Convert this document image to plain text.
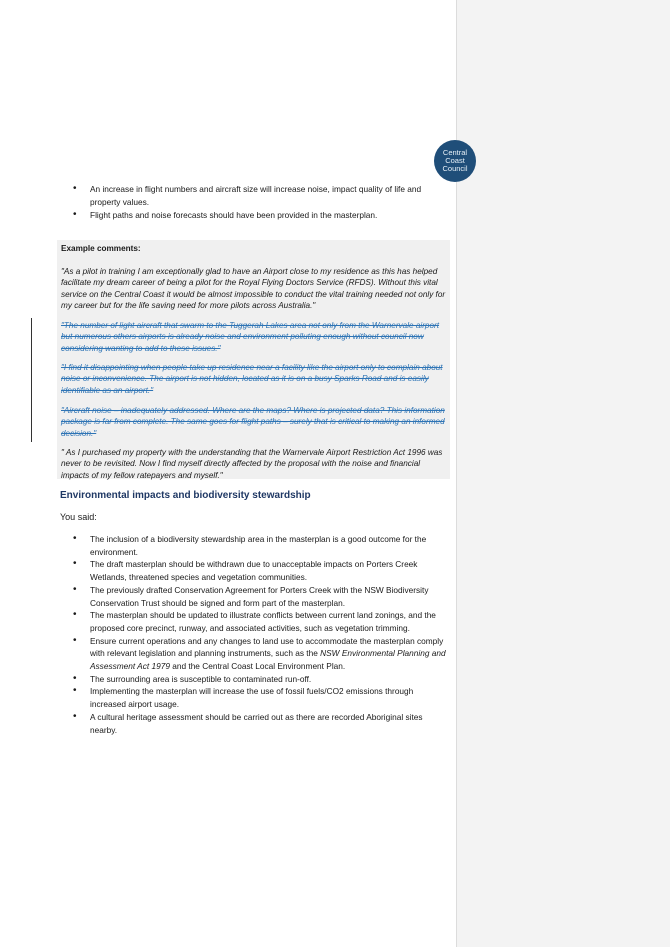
Central
Coast
Council
• An increase in flight numbers and aircraft size will increase noise, impact quality of life and property values.
• Flight paths and noise forecasts should have been provided in the masterplan.
Example comments:

"As a pilot in training I am exceptionally glad to have an Airport close to my residence as this has helped facilitate my dream career of being a pilot for the Royal Flying Doctors Service (RFDS). Without this vital service on the Central Coast it would be almost impossible to conduct the vital training needed not only for my career but for the life saving need for more pilots across Australia."

"The number of light aircraft that swarm to the Tuggerah Lakes area not only from the Warnervale airport but numerous others airports is already noise and environment polluting enough without council now considering wanting to add to these issues."

"I find it disappointing when people take up residence near a facility like the airport only to complain about noise or inconvenience. The airport is not hidden, located as it is on a busy Sparks Road and is easily identifiable as an airport."

"Aircraft noise – inadequately addressed. Where are the maps? Where is projected data? This information package is far from complete. The same goes for flight paths – surely that is critical to making an informed decision."

" As I purchased my property with the understanding that the Warnervale Airport Restriction Act 1996 was never to be revisited. Now I find myself directly affected by the proposal with the noise and financial impacts of my fellow ratepayers and myself."

Environmental impacts and biodiversity stewardship
You said:
• The inclusion of a biodiversity stewardship area in the masterplan is a good outcome for the environment.
• The draft masterplan should be withdrawn due to unacceptable impacts on Porters Creek Wetlands, threatened species and vegetation communities.
• The previously drafted Conservation Agreement for Porters Creek with the NSW Biodiversity Conservation Trust should be signed and form part of the masterplan.
• The masterplan should be updated to illustrate conflicts between current land zonings, and the proposed core precinct, runway, and associated activities, such as vegetation trimming.
• Ensure current operations and any changes to land use to accommodate the masterplan comply with relevant legislation and planning instruments, such as the NSW Environmental Planning and Assessment Act 1979 and the Central Coast Local Environment Plan.
• The surrounding area is susceptible to contaminated run-off.
• Implementing the masterplan will increase the use of fossil fuels/CO2 emissions through increased airport usage.
• A cultural heritage assessment should be carried out as there are recorded Aboriginal sites nearby.
